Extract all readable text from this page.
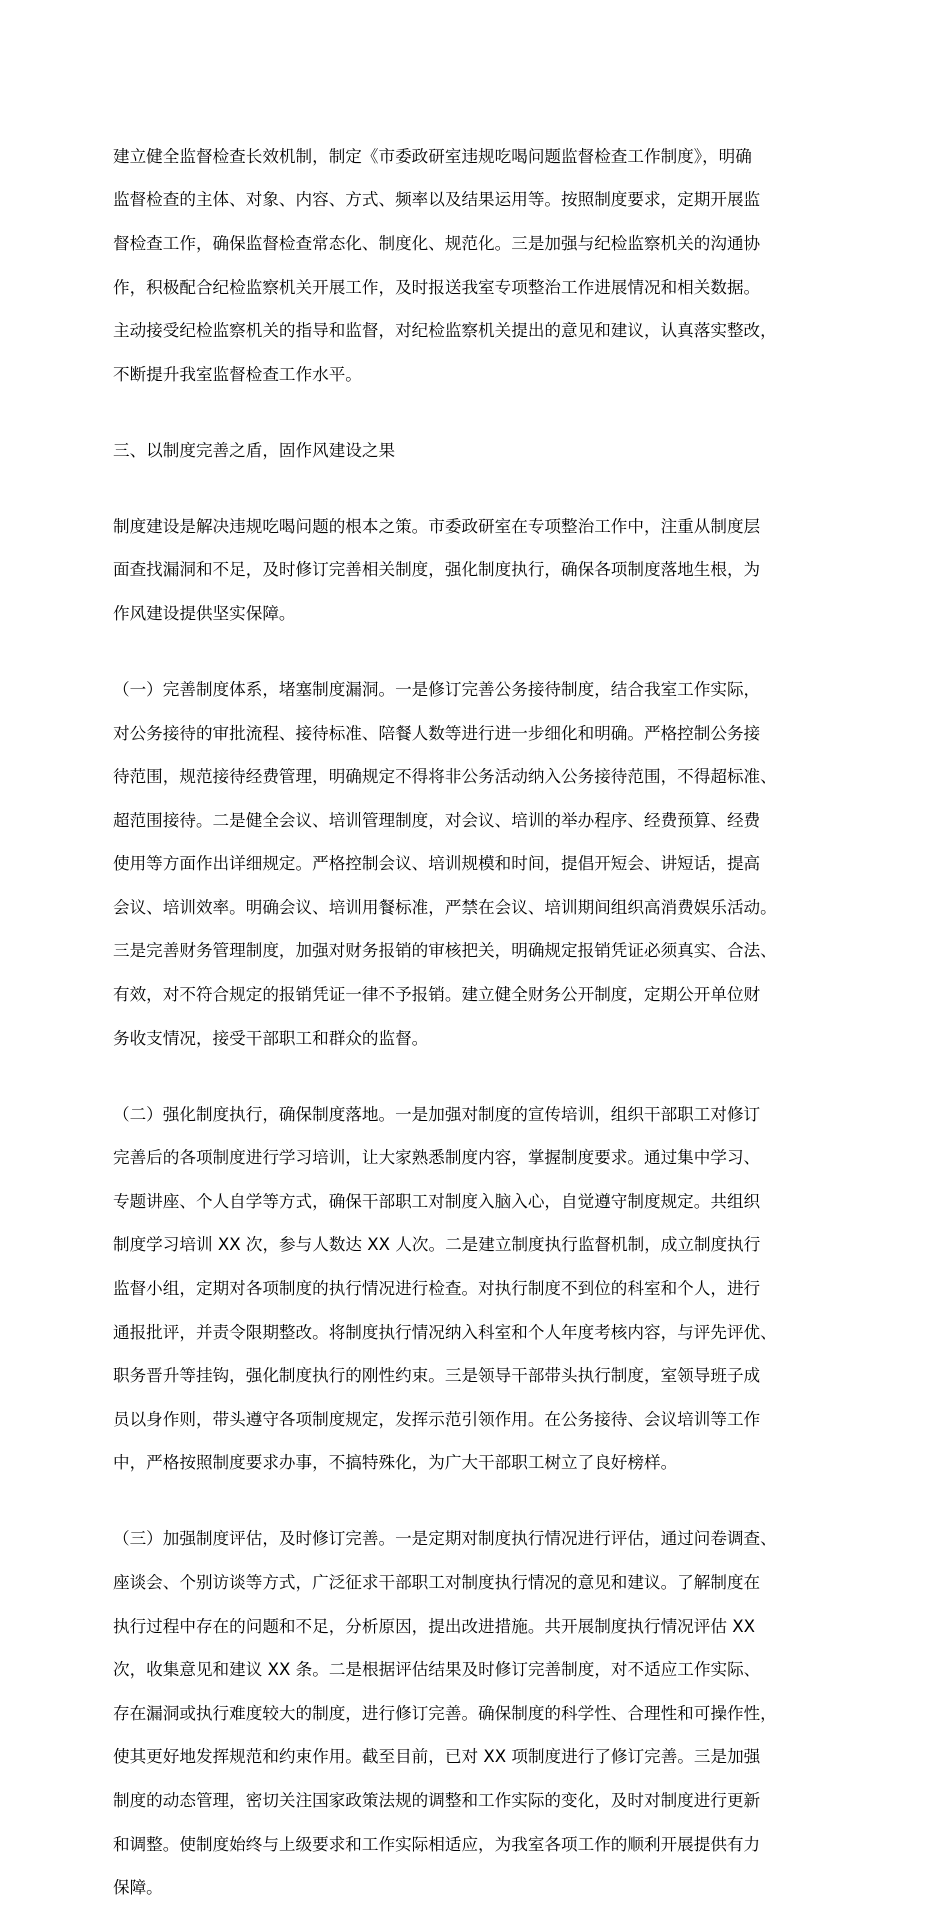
建立健全监督检查长效机制，制定《市委政研室违规吃喝问题监督检查工作制度》，明确

监督检查的主体、对象、内容、方式、频率以及结果运用等。按照制度要求，定期开展监

督检查工作，确保监督检查常态化、制度化、规范化。三是加强与纪检监察机关的沟通协

作，积极配合纪检监察机关开展工作，及时报送我室专项整治工作进展情况和相关数据。

主动接受纪检监察机关的指导和监督，对纪检监察机关提出的意见和建议，认真落实整改，

不断提升我室监督检查工作水平。

三、以制度完善之盾，固作风建设之果

制度建设是解决违规吃喝问题的根本之策。市委政研室在专项整治工作中，注重从制度层

面查找漏洞和不足，及时修订完善相关制度，强化制度执行，确保各项制度落地生根，为

作风建设提供坚实保障。

（一）完善制度体系，堵塞制度漏洞。一是修订完善公务接待制度，结合我室工作实际，

对公务接待的审批流程、接待标准、陪餐人数等进行进一步细化和明确。严格控制公务接

待范围，规范接待经费管理，明确规定不得将非公务活动纳入公务接待范围，不得超标准、

超范围接待。二是健全会议、培训管理制度，对会议、培训的举办程序、经费预算、经费

使用等方面作出详细规定。严格控制会议、培训规模和时间，提倡开短会、讲短话，提高

会议、培训效率。明确会议、培训用餐标准，严禁在会议、培训期间组织高消费娱乐活动。

三是完善财务管理制度，加强对财务报销的审核把关，明确规定报销凭证必须真实、合法、

有效，对不符合规定的报销凭证一律不予报销。建立健全财务公开制度，定期公开单位财

务收支情况，接受干部职工和群众的监督。

（二）强化制度执行，确保制度落地。一是加强对制度的宣传培训，组织干部职工对修订

完善后的各项制度进行学习培训，让大家熟悉制度内容，掌握制度要求。通过集中学习、

专题讲座、个人自学等方式，确保干部职工对制度入脑入心，自觉遵守制度规定。共组织

制度学习培训 XX 次，参与人数达 XX 人次。二是建立制度执行监督机制，成立制度执行

监督小组，定期对各项制度的执行情况进行检查。对执行制度不到位的科室和个人，进行

通报批评，并责令限期整改。将制度执行情况纳入科室和个人年度考核内容，与评先评优、

职务晋升等挂钩，强化制度执行的刚性约束。三是领导干部带头执行制度，室领导班子成

员以身作则，带头遵守各项制度规定，发挥示范引领作用。在公务接待、会议培训等工作

中，严格按照制度要求办事，不搞特殊化，为广大干部职工树立了良好榜样。

（三）加强制度评估，及时修订完善。一是定期对制度执行情况进行评估，通过问卷调查、

座谈会、个别访谈等方式，广泛征求干部职工对制度执行情况的意见和建议。了解制度在

执行过程中存在的问题和不足，分析原因，提出改进措施。共开展制度执行情况评估 XX

次，收集意见和建议 XX 条。二是根据评估结果及时修订完善制度，对不适应工作实际、

存在漏洞或执行难度较大的制度，进行修订完善。确保制度的科学性、合理性和可操作性，

使其更好地发挥规范和约束作用。截至目前，已对 XX 项制度进行了修订完善。三是加强

制度的动态管理，密切关注国家政策法规的调整和工作实际的变化，及时对制度进行更新

和调整。使制度始终与上级要求和工作实际相适应，为我室各项工作的顺利开展提供有力

保障。
